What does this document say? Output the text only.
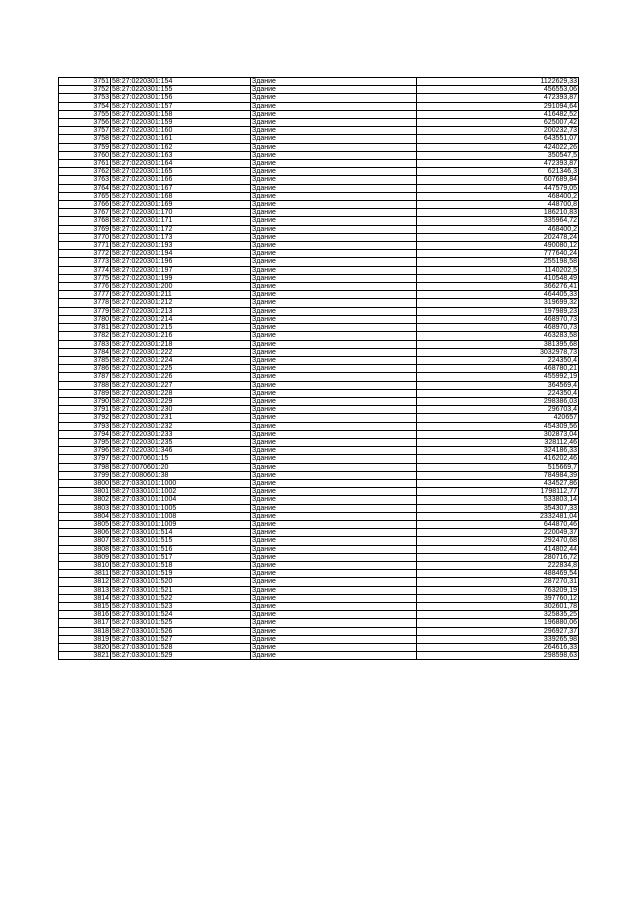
3751	58:27:0220301:154	Здание	1122629,33
3752	58:27:0220301:155	Здание	456553,06
3753	58:27:0220301:156	Здание	472393,87
3754	58:27:0220301:157	Здание	291094,64
3755	58:27:0220301:158	Здание	416482,52
3756	58:27:0220301:159	Здание	625007,42
3757	58:27:0220301:160	Здание	200232,73
3758	58:27:0220301:161	Здание	643551,07
3759	58:27:0220301:162	Здание	424022,26
3760	58:27:0220301:163	Здание	350547,5
3761	58:27:0220301:164	Здание	472393,87
3762	58:27:0220301:165	Здание	621346,3
3763	58:27:0220301:166	Здание	607689,84
3764	58:27:0220301:167	Здание	447579,05
3765	58:27:0220301:168	Здание	468400,2
3766	58:27:0220301:169	Здание	448700,8
3767	58:27:0220301:170	Здание	186210,83
3768	58:27:0220301:171	Здание	335964,72
3769	58:27:0220301:172	Здание	468400,2
3770	58:27:0220301:173	Здание	202478,24
3771	58:27:0220301:193	Здание	490080,12
3772	58:27:0220301:194	Здание	777640,24
3773	58:27:0220301:196	Здание	255198,58
3774	58:27:0220301:197	Здание	1140202,5
3775	58:27:0220301:199	Здание	410548,49
3776	58:27:0220301:200	Здание	366276,41
3777	58:27:0220301:211	Здание	464405,33
3778	58:27:0220301:212	Здание	319699,32
3779	58:27:0220301:213	Здание	197989,23
3780	58:27:0220301:214	Здание	468970,73
3781	58:27:0220301:215	Здание	468970,73
3782	58:27:0220301:216	Здание	463283,58
3783	58:27:0220301:218	Здание	381395,68
3784	58:27:0220301:222	Здание	3032978,73
3785	58:27:0220301:224	Здание	224350,4
3786	58:27:0220301:225	Здание	468780,21
3787	58:27:0220301:226	Здание	455992,19
3788	58:27:0220301:227	Здание	364569,4
3789	58:27:0220301:228	Здание	224350,4
3790	58:27:0220301:229	Здание	298386,03
3791	58:27:0220301:230	Здание	296703,4
3792	58:27:0220301:231	Здание	420657
3793	58:27:0220301:232	Здание	454309,56
3794	58:27:0220301:233	Здание	302873,04
3795	58:27:0220301:235	Здание	328112,46
3796	58:27:0220301:346	Здание	324186,33
3797	58:27:0070601:15	Здание	416202,46
3798	58:27:0070601:20	Здание	515669,7
3799	58:27:0080601:38	Здание	784984,39
3800	58:27:0330101:1000	Здание	434527,86
3801	58:27:0330101:1002	Здание	1798112,77
3802	58:27:0330101:1004	Здание	533803,14
3803	58:27:0330101:1005	Здание	354307,33
3804	58:27:0330101:1008	Здание	2332481,04
3805	58:27:0330101:1009	Здание	644870,46
3806	58:27:0330101:514	Здание	220049,37
3807	58:27:0330101:515	Здание	292470,68
3808	58:27:0330101:516	Здание	414802,44
3809	58:27:0330101:517	Здание	280716,72
3810	58:27:0330101:518	Здание	222834,8
3811	58:27:0330101:519	Здание	488469,54
3812	58:27:0330101:520	Здание	287270,31
3813	58:27:0330101:521	Здание	763209,19
3814	58:27:0330101:522	Здание	397760,12
3815	58:27:0330101:523	Здание	302601,78
3816	58:27:0330101:524	Здание	325835,25
3817	58:27:0330101:525	Здание	196880,06
3818	58:27:0330101:526	Здание	296927,37
3819	58:27:0330101:527	Здание	339265,98
3820	58:27:0330101:528	Здание	264616,33
3821	58:27:0330101:529	Здание	298598,63
